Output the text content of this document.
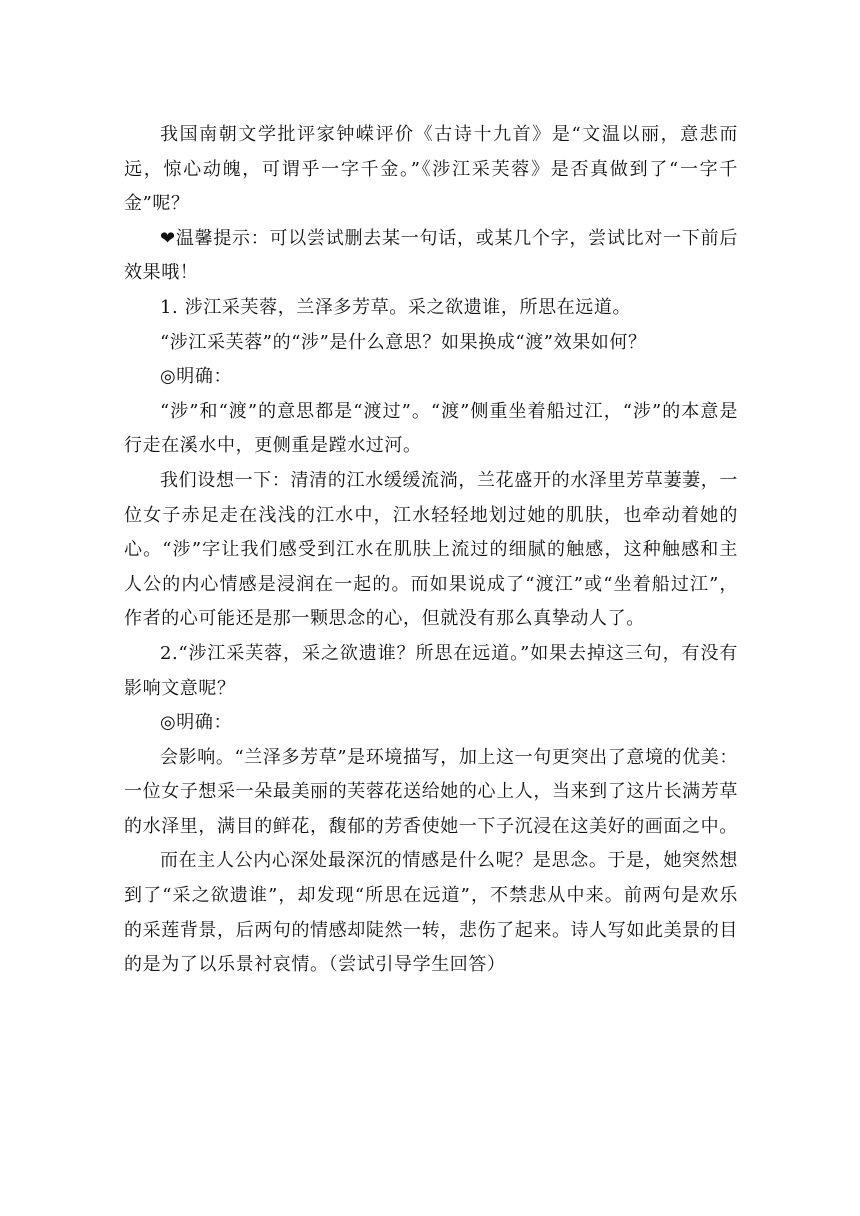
我国南朝文学批评家钟嵘评价《古诗十九首》是“文温以丽，意悲而远，惊心动魄，可谓乎一字千金。”《涉江采芙蓉》是否真做到了“一字千金”呢？

❤温馨提示：可以尝试删去某一句话，或某几个字，尝试比对一下前后效果哦！

1. 涉江采芙蓉，兰泽多芳草。采之欲遗谁，所思在远道。

“涉江采芙蓉”的“涉”是什么意思？如果换成“渡”效果如何？

◎明确：

“涉”和“渡”的意思都是“渡过”。“渡”侧重坐着船过江，“涉”的本意是行走在溪水中，更侧重是蹚水过河。

我们设想一下：清清的江水缓缓流淌，兰花盛开的水泽里芳草萋萋，一位女子赤足走在浅浅的江水中，江水轻轻地划过她的肌肤，也牵动着她的心。“涉”字让我们感受到江水在肌肤上流过的细腻的触感，这种触感和主人公的内心情感是浸润在一起的。而如果说成了“渡江”或“坐着船过江”，作者的心可能还是那一颗思念的心，但就没有那么真挚动人了。

2.“涉江采芙蓉，采之欲遗谁？所思在远道。”如果去掉这三句，有没有影响文意呢？

◎明确：

会影响。“兰泽多芳草”是环境描写，加上这一句更突出了意境的优美：一位女子想采一朵最美丽的芙蓉花送给她的心上人，当来到了这片长满芳草的水泽里，满目的鲜花，馥郁的芳香使她一下子沉浸在这美好的画面之中。

而在主人公内心深处最深沉的情感是什么呢？是思念。于是，她突然想到了“采之欲遗谁”，却发现“所思在远道”，不禁悲从中来。前两句是欢乐的采莲背景，后两句的情感却陡然一转，悲伤了起来。诗人写如此美景的目的是为了以乐景衬哀情。（尝试引导学生回答）
